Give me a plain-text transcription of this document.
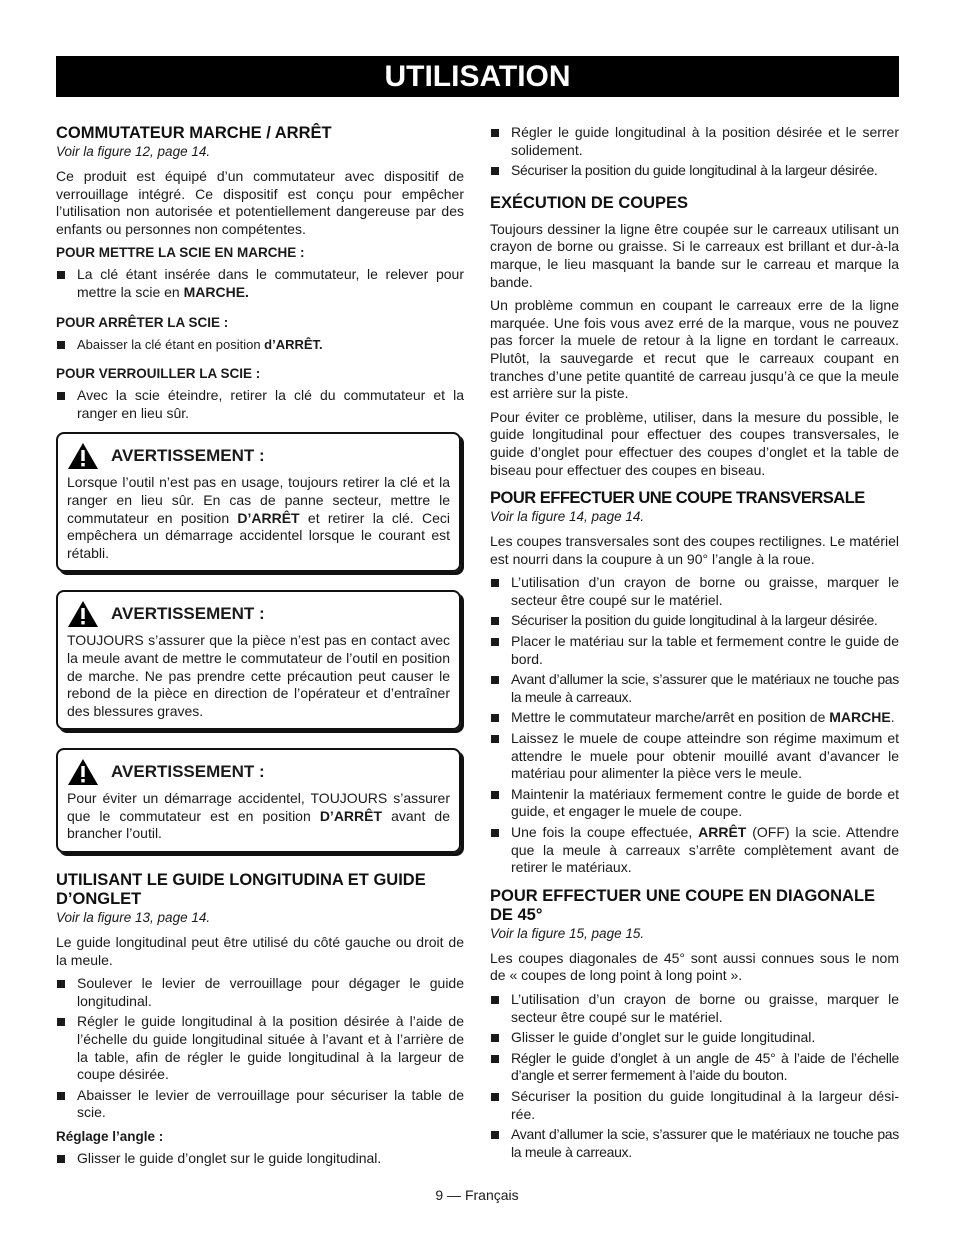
UTILISATION
COMMUTATEUR MARCHE / ARRÊT
Voir la figure 12, page 14.

Ce produit est équipé d’un commutateur avec dispositif de verrouillage intégré. Ce dispositif est conçu pour empêcher l’utilisation non autorisée et potentiellement dangereuse par des enfants ou personnes non compétentes.

POUR METTRE LA SCIE EN MARCHE :
La clé étant insérée dans le commutateur, le relever pour mettre la scie en MARCHE.
POUR ARRÊTER LA SCIE :
Abaisser la clé étant en position d’ARRÊT.
POUR VERROUILLER LA SCIE :
Avec la scie éteindre, retirer la clé du commutateur et la ranger en lieu sûr.
AVERTISSEMENT :

Lorsque l’outil n’est pas en usage, toujours retirer la clé et la ranger en lieu sûr. En cas de panne secteur, mettre le commutateur en position D’ARRÊT et retirer la clé. Ceci empêchera un démarrage accidentel lorsque le courant est rétabli.

AVERTISSEMENT :

TOUJOURS s’assurer que la pièce n’est pas en contact avec la meule avant de mettre le commutateur de l’outil en position de marche. Ne pas prendre cette précaution peut causer le rebond de la pièce en direction de l’opérateur et d’entraîner des blessures graves.

AVERTISSEMENT :

Pour éviter un démarrage accidentel, TOUJOURS s’assurer que le commutateur est en position D’ARRÊT avant de brancher l’outil.

UTILISANT LE GUIDE LONGITUDINA ET GUIDE D’ONGLET
Voir la figure 13, page 14.

Le guide longitudinal peut être utilisé du côté gauche ou droit de la meule.

Soulever le levier de verrouillage pour dégager le guide longitudinal.
Régler le guide longitudinal à la position désirée à l’aide de l’échelle du guide longitudinal située à l’avant et à l’arrière de la table, afin de régler le guide longitudinal à la largeur de coupe désirée.
Abaisser le levier de verrouillage pour sécuriser la table de scie.
Réglage l’angle :
Glisser le guide d’onglet sur le guide longitudinal.
Régler le guide longitudinal à la position désirée et le serrer solidement.
Sécuriser la position du guide longitudinal à la largeur désirée.
EXÉCUTION DE COUPES

Toujours dessiner la ligne être coupée sur le carreaux utilisant un crayon de borne ou graisse. Si le carreaux est brillant et dur-à-la marque, le lieu masquant la bande sur le carreau et marque la bande.

Un problème commun en coupant le carreaux erre de la ligne marquée. Une fois vous avez erré de la marque, vous ne pouvez pas forcer la muele de retour à la ligne en tordant le carreaux. Plutôt, la sauvegarde et recut que le carreaux coupant en tranches d’une petite quantité de carreau jusqu’à ce que la meule est arrière sur la piste.

Pour éviter ce problème, utiliser, dans la mesure du possible, le guide longitudinal pour effectuer des coupes transversales, le guide d’onglet pour effectuer des coupes d’onglet et la table de biseau pour effectuer des coupes en biseau.

POUR EFFECTUER UNE COUPE TRANSVERSALE
Voir la figure 14, page 14.

Les coupes transversales sont des coupes rectilignes. Le matériel est nourri dans la coupure à un 90° l’angle à la roue.

L’utilisation d’un crayon de borne ou graisse, marquer le secteur être coupé sur le matériel.
Sécuriser la position du guide longitudinal à la largeur désirée.
Placer le matériau sur la table et fermement contre le guide de bord.
Avant d’allumer la scie, s’assurer que le matériaux ne touche pas la meule à carreaux.
Mettre le commutateur marche/arrêt en position de MARCHE.
Laissez le muele de coupe atteindre son régime maximum et attendre le muele pour obtenir mouillé avant d’avancer le matériau pour alimenter la pièce vers le meule.
Maintenir la matériaux fermement contre le guide de borde et guide, et engager le muele de coupe.
Une fois la coupe effectuée, ARRÊT (OFF) la scie. Attendre que la meule à carreaux s’arrête complètement avant de retirer le matériaux.
POUR EFFECTUER UNE COUPE EN DIAGONALE DE 45°
Voir la figure 15, page 15.

Les coupes diagonales de 45° sont aussi connues sous le nom de « coupes de long point à long point ».

L’utilisation d’un crayon de borne ou graisse, marquer le secteur être coupé sur le matériel.
Glisser le guide d’onglet sur le guide longitudinal.
Régler le guide d’onglet à un angle de 45° à l’aide de l’échelle d’angle et serrer fermement à l’aide du bouton.
Sécuriser la position du guide longitudinal à la largeur dési-rée.
Avant d’allumer la scie, s’assurer que le matériaux ne touche pas la meule à carreaux.
9 — Français
